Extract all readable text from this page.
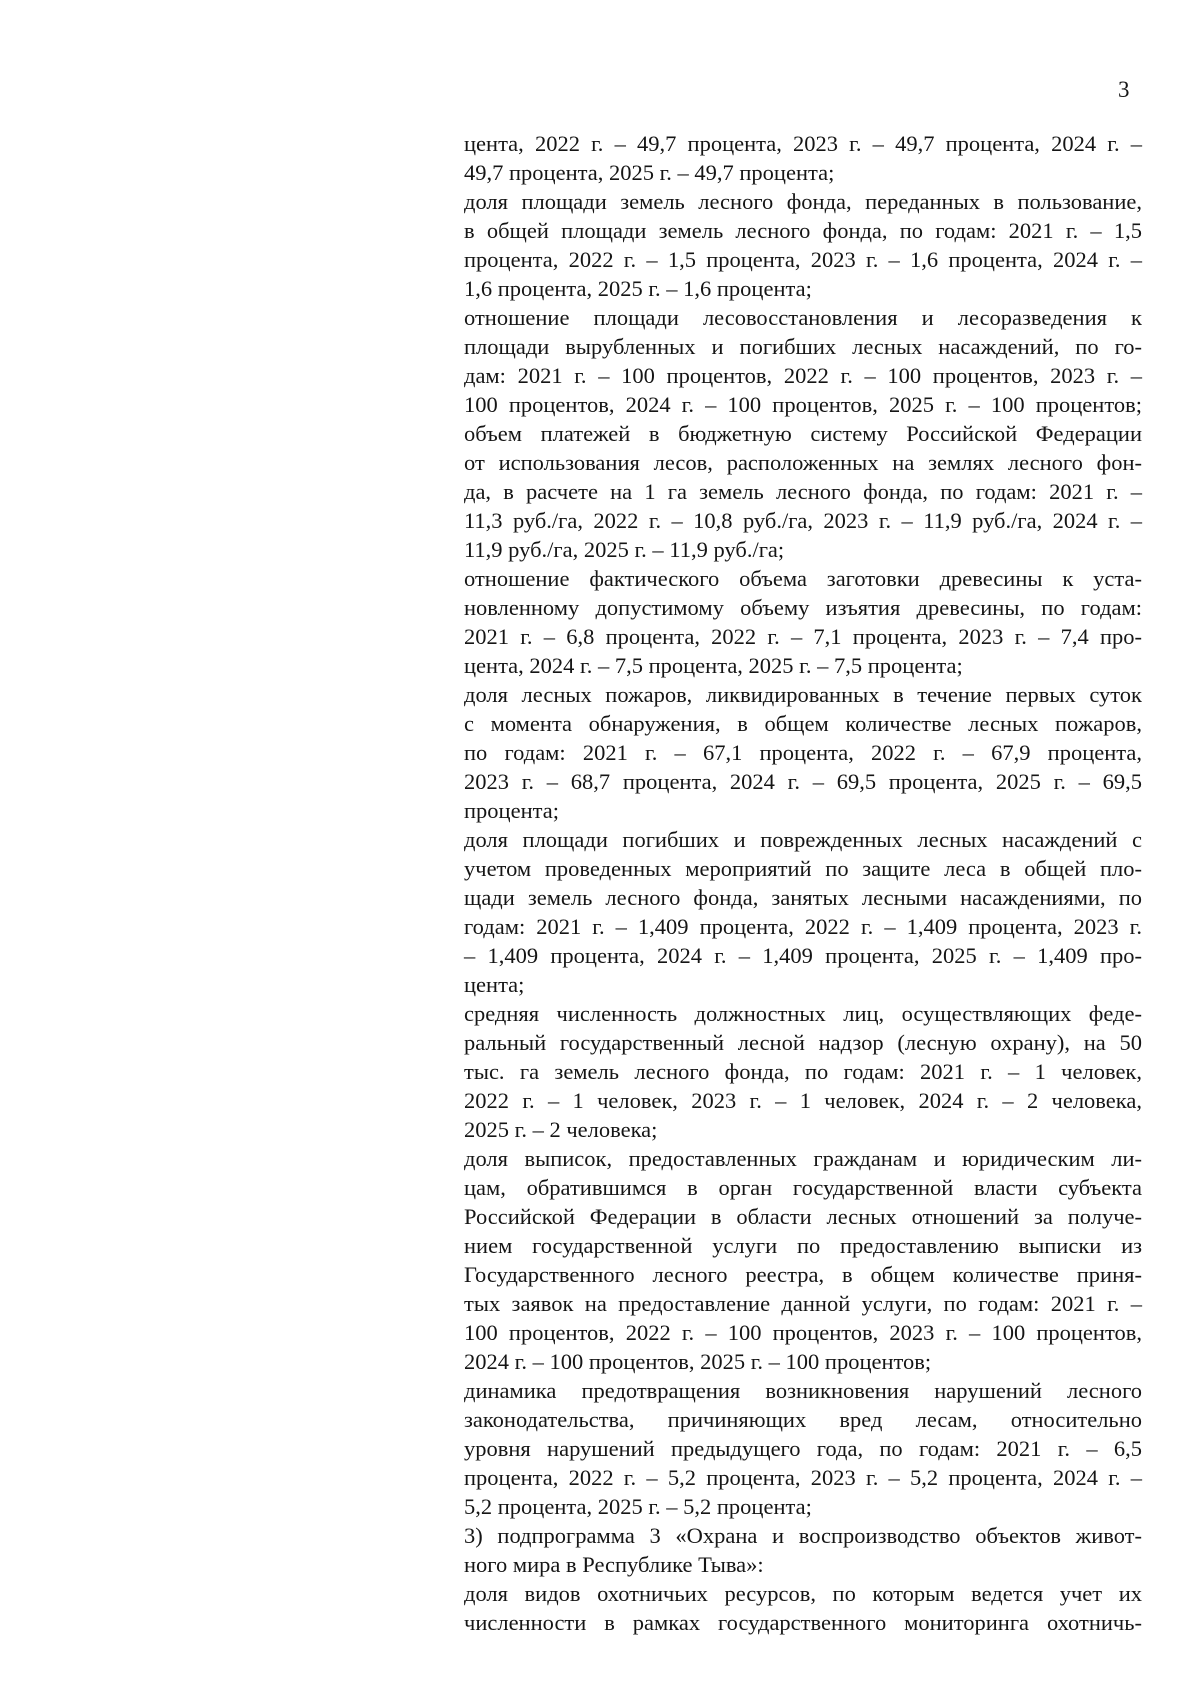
3
цента, 2022 г. – 49,7 процента, 2023 г. – 49,7 процента, 2024 г. –
49,7 процента, 2025 г. – 49,7 процента;
доля площади земель лесного фонда, переданных в пользование,
в общей площади земель лесного фонда, по годам: 2021 г. – 1,5
процента, 2022 г. – 1,5 процента, 2023 г. – 1,6 процента, 2024 г. –
1,6 процента, 2025 г. – 1,6 процента;
отношение площади лесовосстановления и лесоразведения к
площади вырубленных и погибших лесных насаждений, по го-
дам: 2021 г. – 100 процентов, 2022 г. – 100 процентов, 2023 г. –
100 процентов, 2024 г. – 100 процентов, 2025 г. – 100 процентов;
объем платежей в бюджетную систему Российской Федерации
от использования лесов, расположенных на землях лесного фон-
да, в расчете на 1 га земель лесного фонда, по годам: 2021 г. –
11,3 руб./га, 2022 г. – 10,8 руб./га, 2023 г. – 11,9 руб./га, 2024 г. –
11,9 руб./га, 2025 г. – 11,9 руб./га;
отношение фактического объема заготовки древесины к уста-
новленному допустимому объему изъятия древесины, по годам:
2021 г. – 6,8 процента, 2022 г. – 7,1 процента, 2023 г. – 7,4 про-
цента, 2024 г. – 7,5 процента, 2025 г. – 7,5 процента;
доля лесных пожаров, ликвидированных в течение первых суток
с момента обнаружения, в общем количестве лесных пожаров,
по годам: 2021 г. – 67,1 процента, 2022 г. – 67,9 процента,
2023 г. – 68,7 процента, 2024 г. – 69,5 процента, 2025 г. – 69,5
процента;
доля площади погибших и поврежденных лесных насаждений с
учетом проведенных мероприятий по защите леса в общей пло-
щади земель лесного фонда, занятых лесными насаждениями, по
годам: 2021 г. – 1,409 процента, 2022 г. – 1,409 процента, 2023 г.
– 1,409 процента, 2024 г. – 1,409 процента, 2025 г. – 1,409 про-
цента;
средняя численность должностных лиц, осуществляющих феде-
ральный государственный лесной надзор (лесную охрану), на 50
тыс. га земель лесного фонда, по годам: 2021 г. – 1 человек,
2022 г. – 1 человек, 2023 г. – 1 человек, 2024 г. – 2 человека,
2025 г. – 2 человека;
доля выписок, предоставленных гражданам и юридическим ли-
цам, обратившимся в орган государственной власти субъекта
Российской Федерации в области лесных отношений за получе-
нием государственной услуги по предоставлению выписки из
Государственного лесного реестра, в общем количестве приня-
тых заявок на предоставление данной услуги, по годам: 2021 г. –
100 процентов, 2022 г. – 100 процентов, 2023 г. – 100 процентов,
2024 г. – 100 процентов, 2025 г. – 100 процентов;
динамика предотвращения возникновения нарушений лесного
законодательства, причиняющих вред лесам, относительно
уровня нарушений предыдущего года, по годам: 2021 г. – 6,5
процента, 2022 г. – 5,2 процента, 2023 г. – 5,2 процента, 2024 г. –
5,2 процента, 2025 г. – 5,2 процента;
3) подпрограмма 3 «Охрана и воспроизводство объектов живот-
ного мира в Республике Тыва»:
доля видов охотничьих ресурсов, по которым ведется учет их
численности в рамках государственного мониторинга охотничь-
